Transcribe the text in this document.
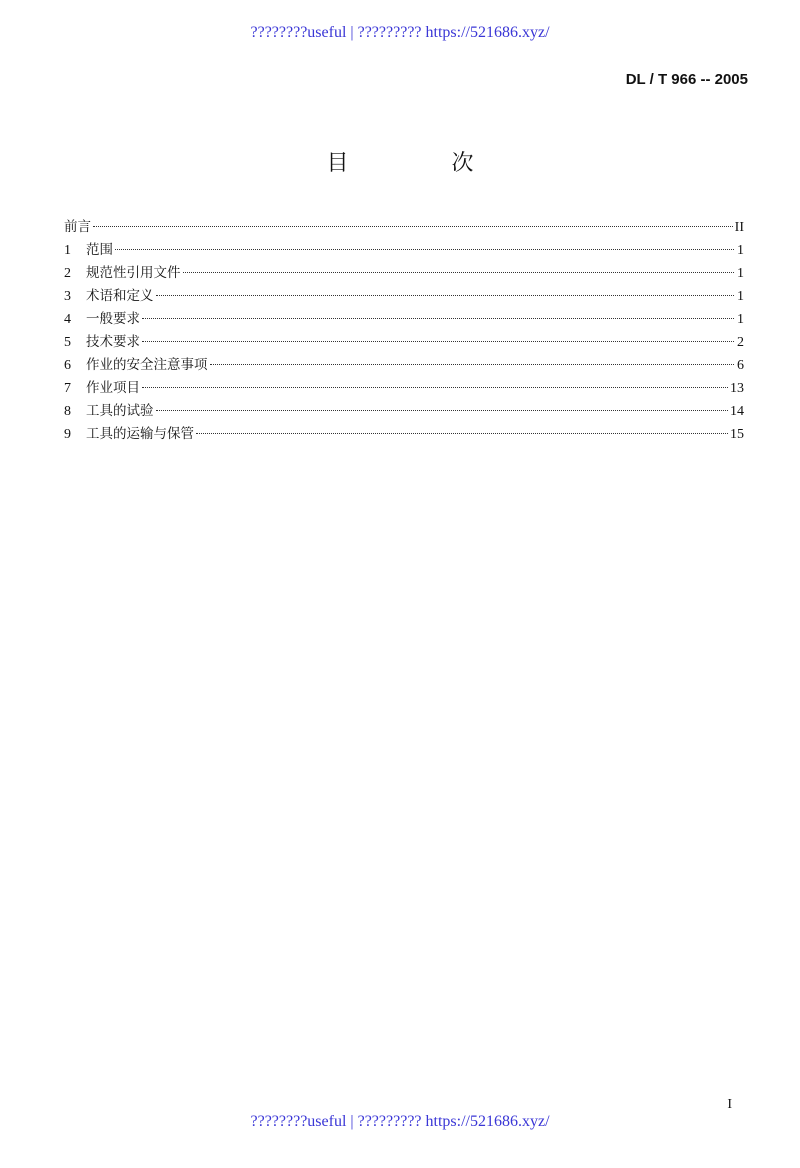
????????useful | ????????? https://521686.xyz/
DL / T 966 -- 2005
目 次
前言	II
1	范围	1
2	规范性引用文件	1
3	术语和定义	1
4	一般要求	1
5	技术要求	2
6	作业的安全注意事项	6
7	作业项目	13
8	工具的试验	14
9	工具的运输与保管	15
I
????????useful | ????????? https://521686.xyz/
